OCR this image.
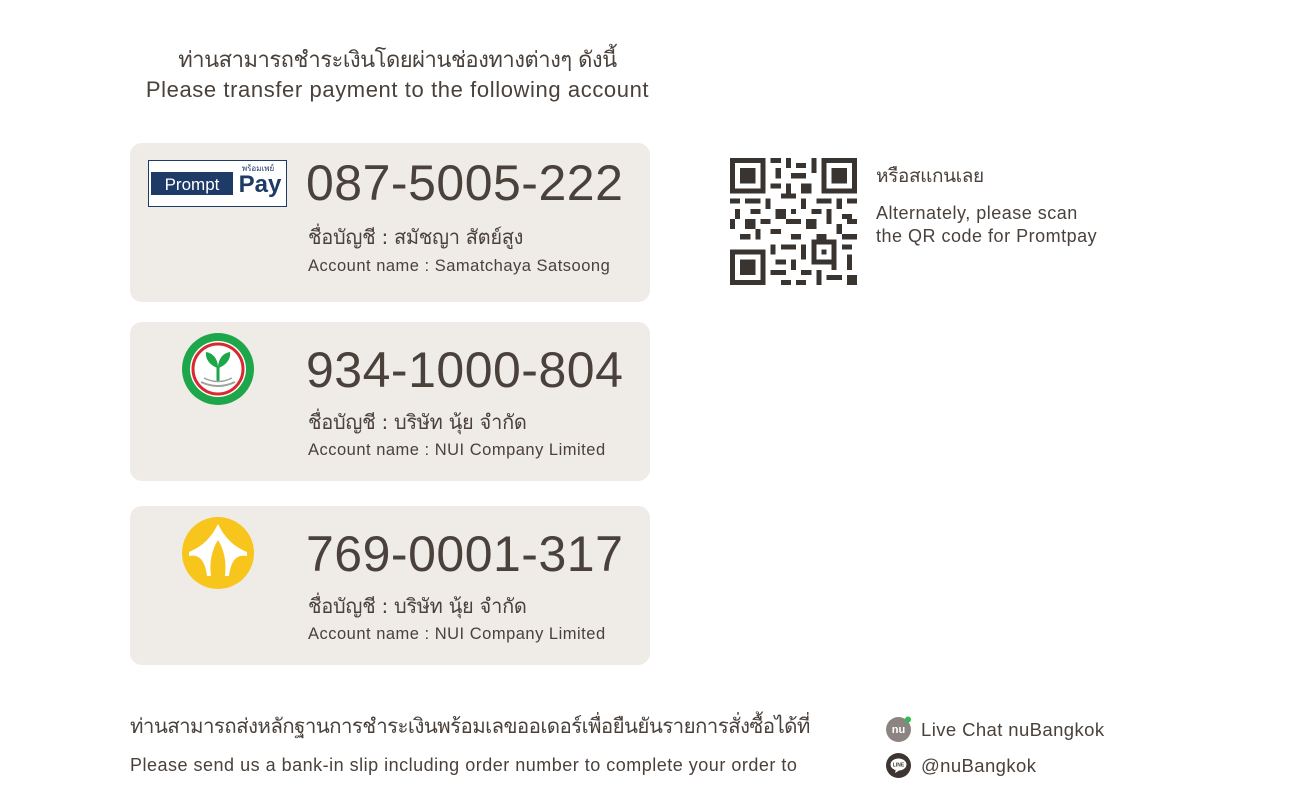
ท่านสามารถชำระเงินโดยผ่านช่องทางต่างๆ ดังนี้
Please transfer payment to the following account
Prompt Pay
พร้อมเพย์ 087-5005-222
ชื่อบัญชี : สมัชญา สัตย์สูง
Account name : Samatchaya Satsoong
934-1000-804
ชื่อบัญชี : บริษัท นุ้ย จำกัด
Account name : NUI Company Limited
769-0001-317
ชื่อบัญชี : บริษัท นุ้ย จำกัด
Account name : NUI Company Limited
หรือสแกนเลย
Alternately, please scan
the QR code for Promtpay
ท่านสามารถส่งหลักฐานการชำระเงินพร้อมเลขออเดอร์เพื่อยืนยันรายการสั่งซื้อได้ที่
Please send us a bank-in slip including order number to complete your order to
nu Live Chat nuBangkok
LINE @nuBangkok
